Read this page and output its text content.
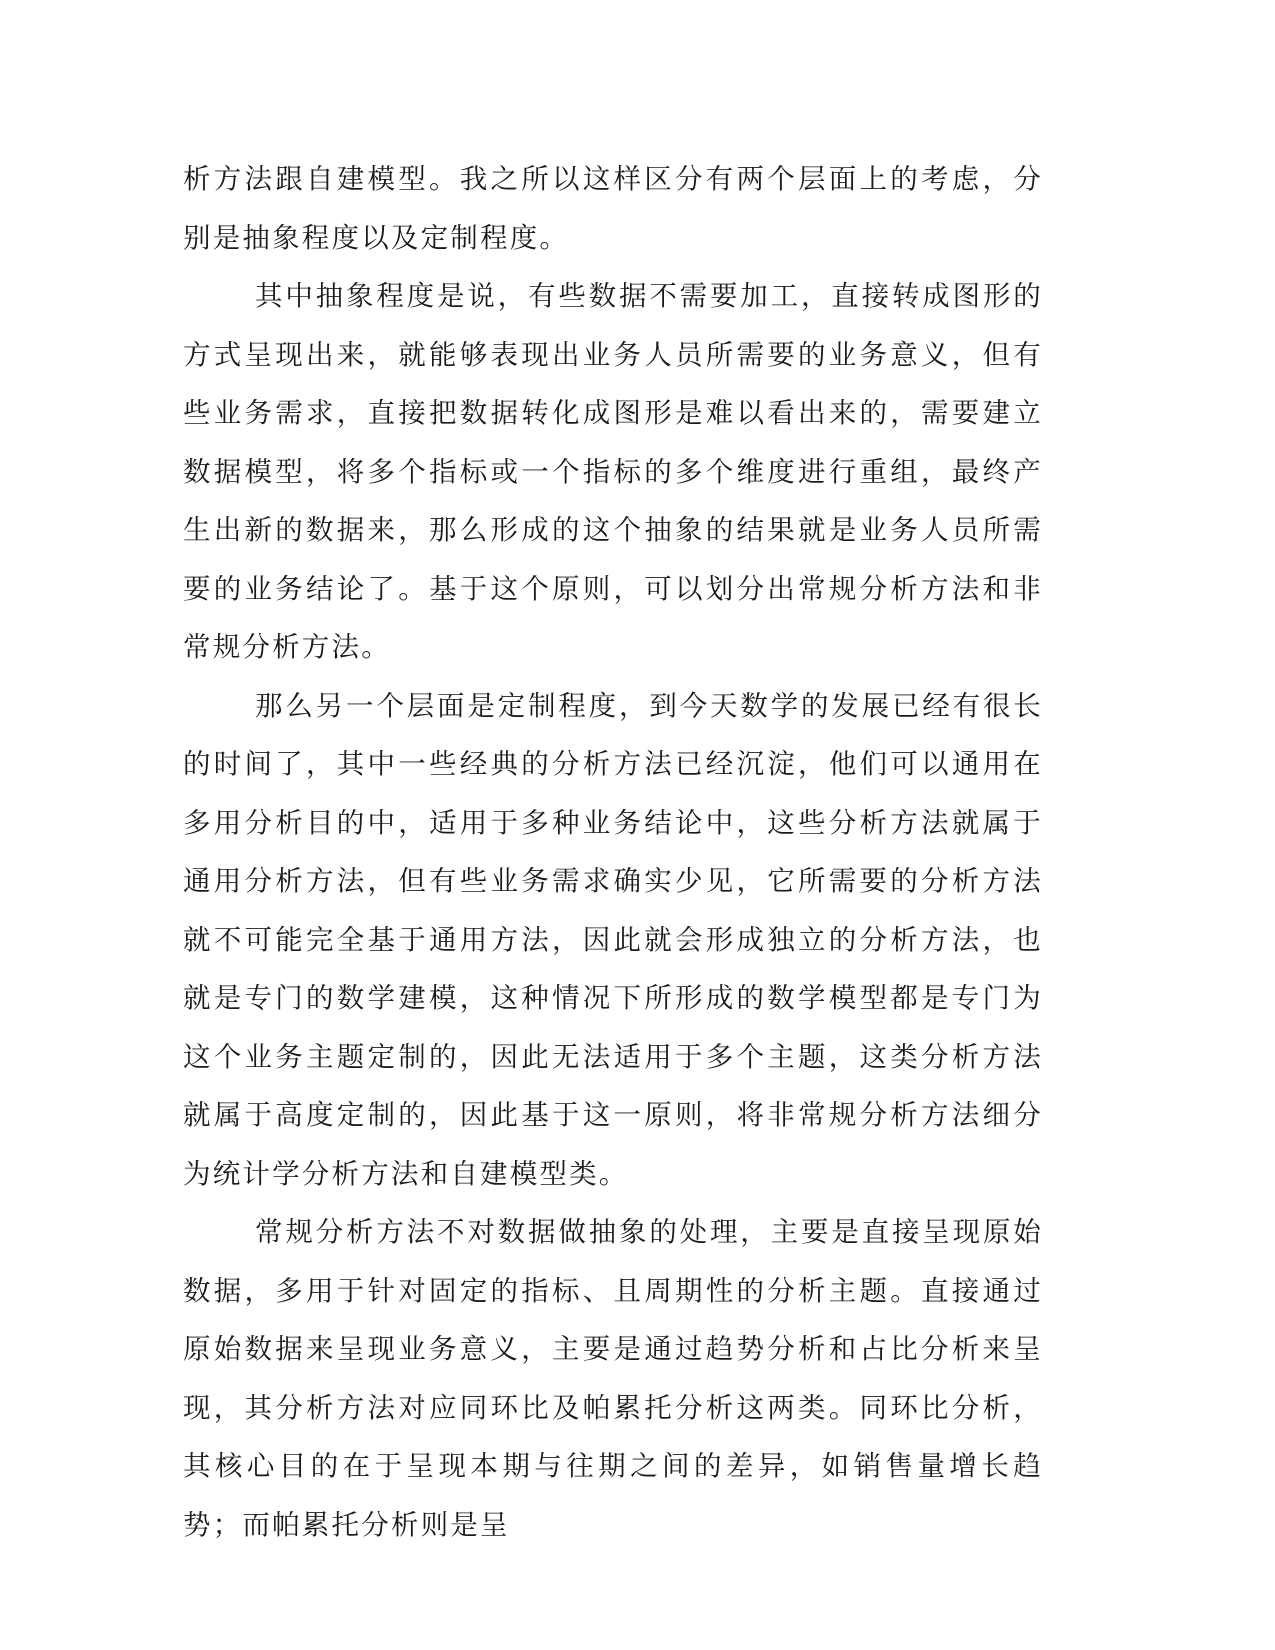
析方法跟自建模型。我之所以这样区分有两个层面上的考虑，分别是抽象程度以及定制程度。

其中抽象程度是说，有些数据不需要加工，直接转成图形的方式呈现出来，就能够表现出业务人员所需要的业务意义，但有些业务需求，直接把数据转化成图形是难以看出来的，需要建立数据模型，将多个指标或一个指标的多个维度进行重组，最终产生出新的数据来，那么形成的这个抽象的结果就是业务人员所需要的业务结论了。基于这个原则，可以划分出常规分析方法和非常规分析方法。

那么另一个层面是定制程度，到今天数学的发展已经有很长的时间了，其中一些经典的分析方法已经沉淀，他们可以通用在多用分析目的中，适用于多种业务结论中，这些分析方法就属于通用分析方法，但有些业务需求确实少见，它所需要的分析方法就不可能完全基于通用方法，因此就会形成独立的分析方法，也就是专门的数学建模，这种情况下所形成的数学模型都是专门为这个业务主题定制的，因此无法适用于多个主题，这类分析方法就属于高度定制的，因此基于这一原则，将非常规分析方法细分为统计学分析方法和自建模型类。

常规分析方法不对数据做抽象的处理，主要是直接呈现原始数据，多用于针对固定的指标、且周期性的分析主题。直接通过原始数据来呈现业务意义，主要是通过趋势分析和占比分析来呈现，其分析方法对应同环比及帕累托分析这两类。同环比分析，其核心目的在于呈现本期与往期之间的差异，如销售量增长趋势；而帕累托分析则是呈
